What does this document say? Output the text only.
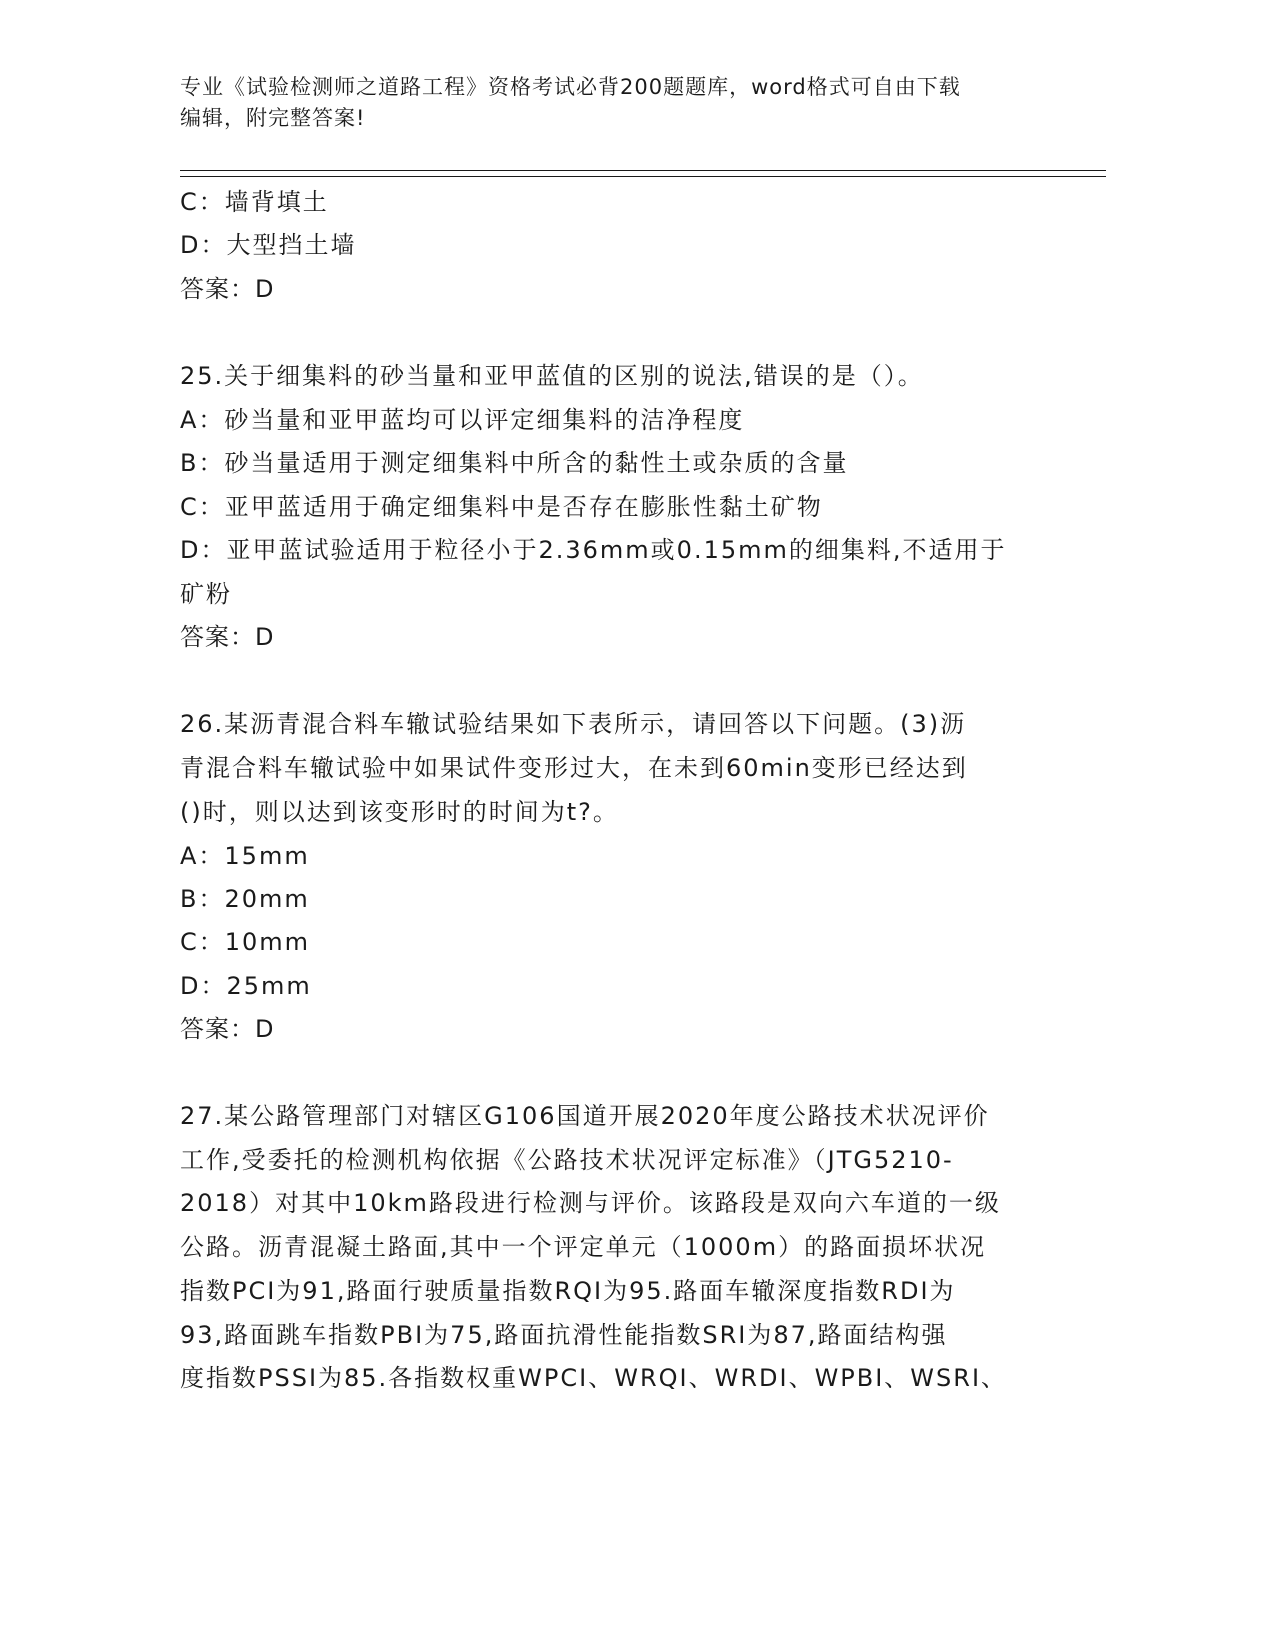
专业《试验检测师之道路工程》资格考试必背200题题库，word格式可自由下载
编辑，附完整答案!
C：墙背填土
D：大型挡土墙
答案：D
25.关于细集料的砂当量和亚甲蓝值的区别的说法,错误的是（）。
A：砂当量和亚甲蓝均可以评定细集料的洁净程度
B：砂当量适用于测定细集料中所含的黏性土或杂质的含量
C：亚甲蓝适用于确定细集料中是否存在膨胀性黏土矿物
D：亚甲蓝试验适用于粒径小于2.36mm或0.15mm的细集料,不适用于
矿粉
答案：D
26.某沥青混合料车辙试验结果如下表所示，请回答以下问题。(3)沥
青混合料车辙试验中如果试件变形过大，在未到60min变形已经达到
()时，则以达到该变形时的时间为t?。
A：15mm
B：20mm
C：10mm
D：25mm
答案：D
27.某公路管理部门对辖区G106国道开展2020年度公路技术状况评价
工作,受委托的检测机构依据《公路技术状况评定标准》（JTG5210-
2018）对其中10km路段进行检测与评价。该路段是双向六车道的一级
公路。沥青混凝土路面,其中一个评定单元（1000m）的路面损坏状况
指数PCI为91,路面行驶质量指数RQI为95.路面车辙深度指数RDI为
93,路面跳车指数PBI为75,路面抗滑性能指数SRI为87,路面结构强
度指数PSSI为85.各指数权重WPCI、WRQI、WRDI、WPBI、WSRI、
